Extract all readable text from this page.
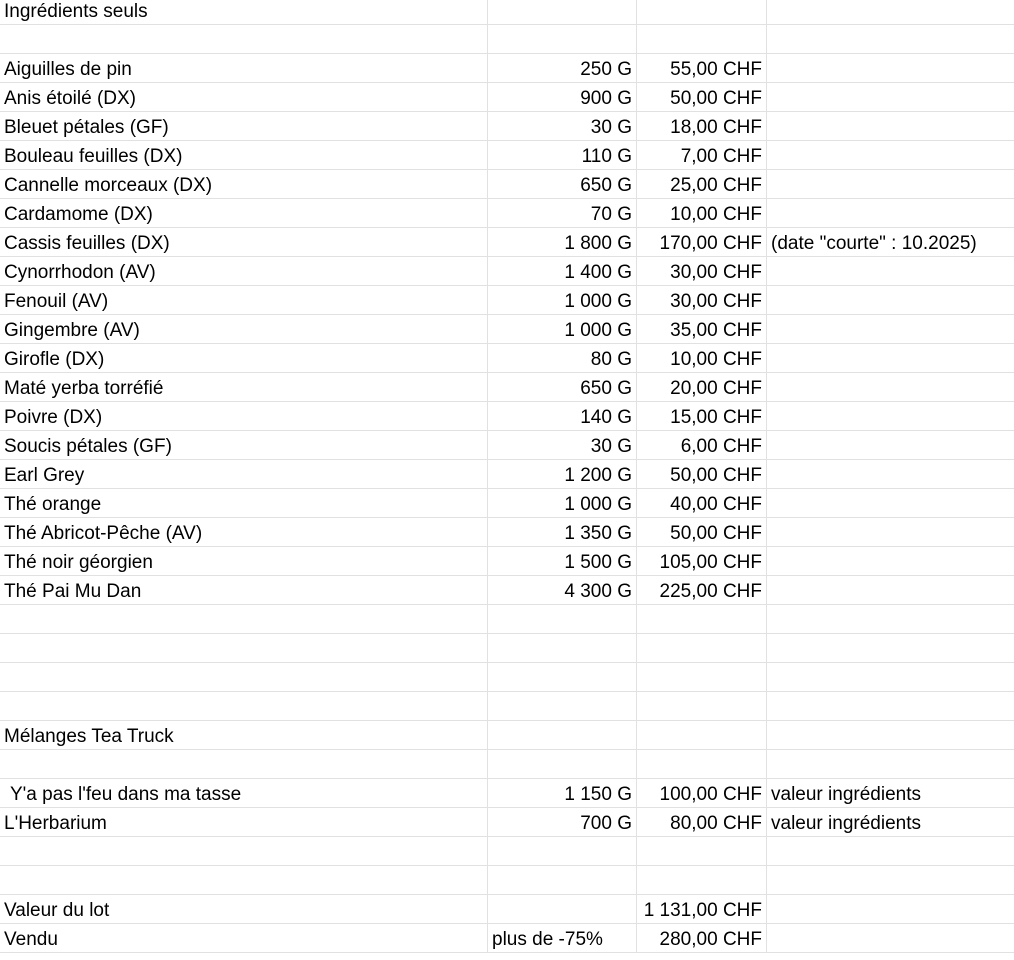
Ingrédients seuls
Aiguilles de pin	250 G 55,00 CHF
Anis étoilé (DX)	900 G 50,00 CHF
Bleuet pétales (GF)	30 G 18,00 CHF
Bouleau feuilles (DX)	110 G	7,00 CHF
Cannelle morceaux (DX)	650 G 25,00 CHF
Cardamome (DX)	70 G 10,00 CHF
Cassis feuilles (DX)	1 800 G 170,00 CHF (date "courte" : 10.2025)
Cynorrhodon (AV)	1 400 G 30,00 CHF
Fenouil (AV)	1 000 G 30,00 CHF
Gingembre (AV)	1 000 G 35,00 CHF
Girofle (DX)	80 G 10,00 CHF
Maté yerba torréfié	650 G 20,00 CHF
Poivre (DX)	140 G 15,00 CHF
Soucis pétales (GF)	30 G	6,00 CHF
Earl Grey	1 200 G 50,00 CHF
Thé orange	1 000 G 40,00 CHF
Thé Abricot-Pêche (AV)	1 350 G 50,00 CHF
Thé noir géorgien	1 500 G 105,00 CHF
Thé Pai Mu Dan	4 300 G 225,00 CHF
Mélanges Tea Truck
Y'a pas l'feu dans ma tasse	1 150 G 100,00 CHF valeur ingrédients
L'Herbarium	700 G 80,00 CHF valeur ingrédients
Valeur du lot	1 131,00 CHF
Vendu	plus de -75%	280,00 CHF
